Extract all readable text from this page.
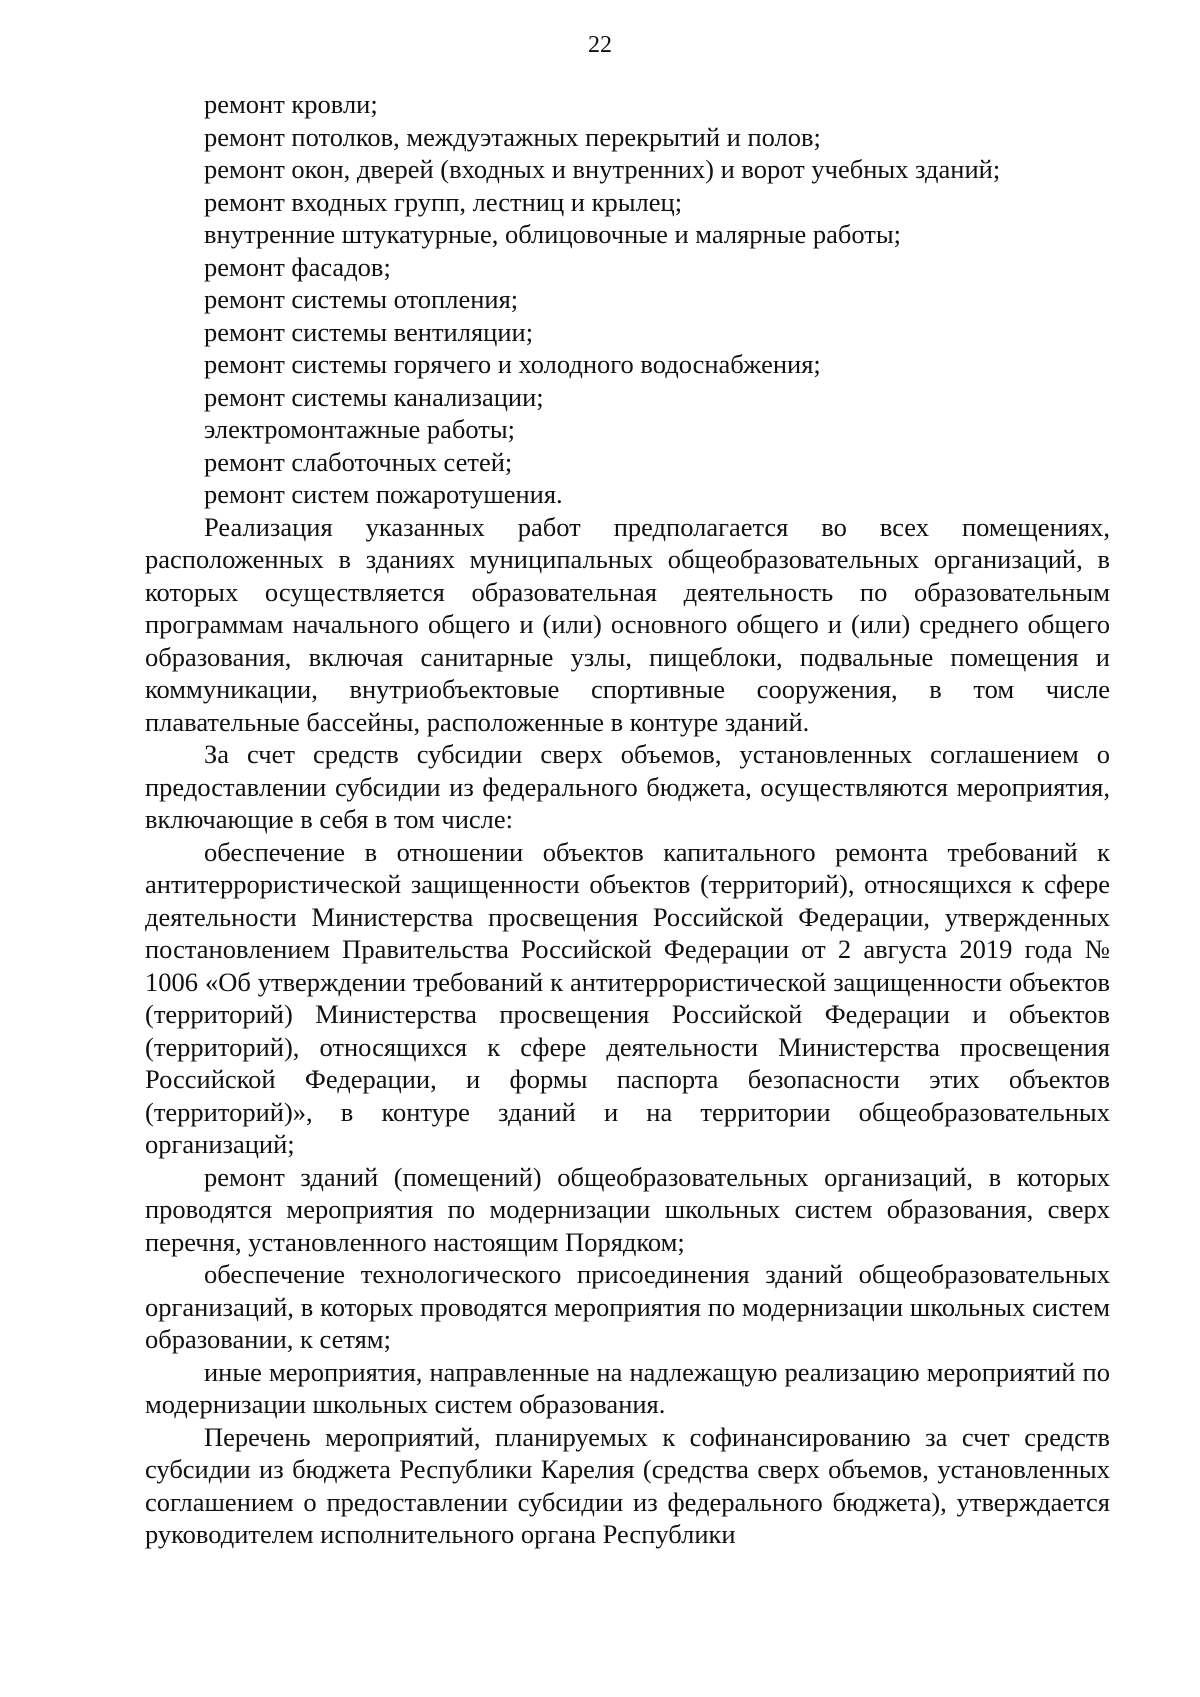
22

ремонт кровли;

ремонт потолков, междуэтажных перекрытий и полов;

ремонт окон, дверей (входных и внутренних) и ворот учебных зданий;

ремонт входных групп, лестниц и крылец;

внутренние штукатурные, облицовочные и малярные работы;

ремонт фасадов;

ремонт системы отопления;

ремонт системы вентиляции;

ремонт системы горячего и холодного водоснабжения;

ремонт системы канализации;

электромонтажные работы;

ремонт слаботочных сетей;

ремонт систем пожаротушения.

Реализация указанных работ предполагается во всех помещениях, расположенных в зданиях муниципальных общеобразовательных организаций, в которых осуществляется образовательная деятельность по образовательным программам начального общего и (или) основного общего и (или) среднего общего образования, включая санитарные узлы, пищеблоки, подвальные помещения и коммуникации, внутриобъектовые спортивные сооружения, в том числе плавательные бассейны, расположенные в контуре зданий.

За счет средств субсидии сверх объемов, установленных соглашением о предоставлении субсидии из федерального бюджета, осуществляются мероприятия, включающие в себя в том числе:

обеспечение в отношении объектов капитального ремонта требований к антитеррористической защищенности объектов (территорий), относящихся к сфере деятельности Министерства просвещения Российской Федерации, утвержденных постановлением Правительства Российской Федерации от 2 августа 2019 года № 1006 «Об утверждении требований к антитеррористической защищенности объектов (территорий) Министерства просвещения Российской Федерации и объектов (территорий), относящихся к сфере деятельности Министерства просвещения Российской Федерации, и формы паспорта безопасности этих объектов (территорий)», в контуре зданий и на территории общеобразовательных организаций;

ремонт зданий (помещений) общеобразовательных организаций, в которых проводятся мероприятия по модернизации школьных систем образования, сверх перечня, установленного настоящим Порядком;

обеспечение технологического присоединения зданий общеобразовательных организаций, в которых проводятся мероприятия по модернизации школьных систем образовании, к сетям;

иные мероприятия, направленные на надлежащую реализацию мероприятий по модернизации школьных систем образования.

Перечень мероприятий, планируемых к софинансированию за счет средств субсидии из бюджета Республики Карелия (средства сверх объемов, установленных соглашением о предоставлении субсидии из федерального бюджета), утверждается руководителем исполнительного органа Республики
